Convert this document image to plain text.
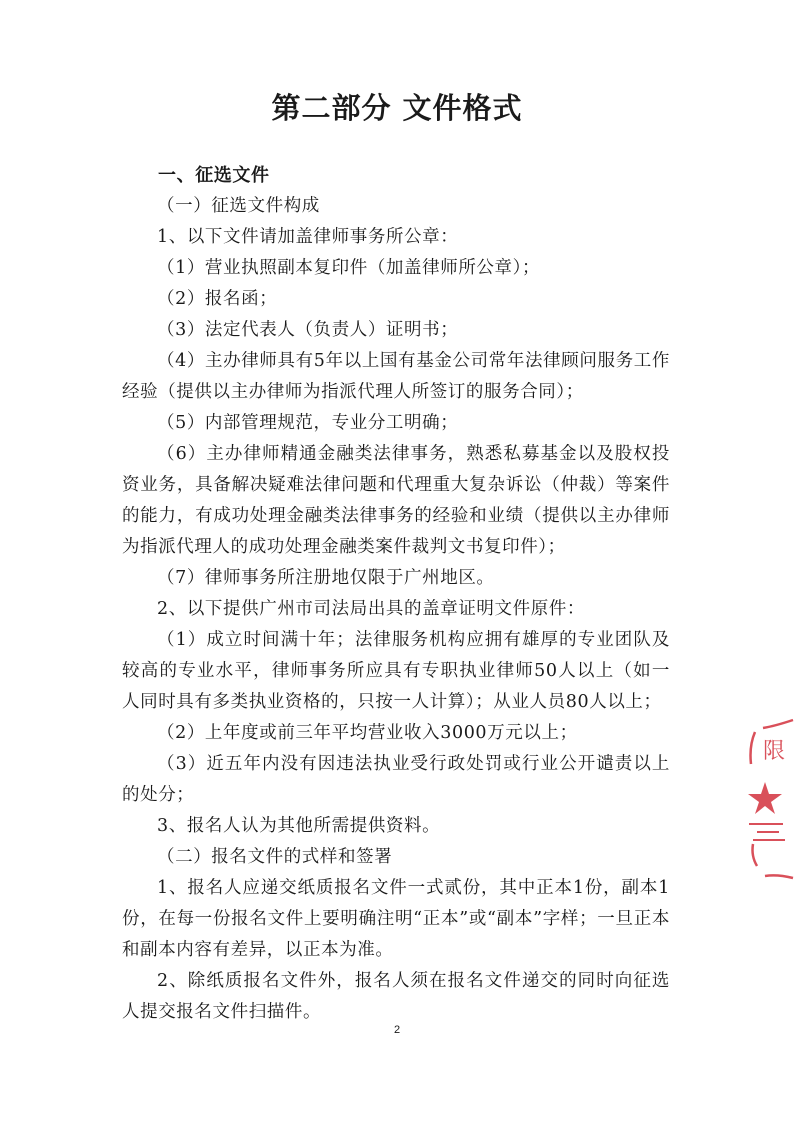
第二部分 文件格式

一、征选文件

（一）征选文件构成

1、以下文件请加盖律师事务所公章：

（1）营业执照副本复印件（加盖律师所公章）；

（2）报名函；

（3）法定代表人（负责人）证明书；

（4）主办律师具有5年以上国有基金公司常年法律顾问服务工作经验（提供以主办律师为指派代理人所签订的服务合同）；

（5）内部管理规范，专业分工明确；

（6）主办律师精通金融类法律事务，熟悉私募基金以及股权投资业务，具备解决疑难法律问题和代理重大复杂诉讼（仲裁）等案件的能力，有成功处理金融类法律事务的经验和业绩（提供以主办律师为指派代理人的成功处理金融类案件裁判文书复印件）；

（7）律师事务所注册地仅限于广州地区。

2、以下提供广州市司法局出具的盖章证明文件原件：

（1）成立时间满十年；法律服务机构应拥有雄厚的专业团队及较高的专业水平，律师事务所应具有专职执业律师50人以上（如一人同时具有多类执业资格的，只按一人计算）；从业人员80人以上；

（2）上年度或前三年平均营业收入3000万元以上；

（3）近五年内没有因违法执业受行政处罚或行业公开谴责以上的处分；

3、报名人认为其他所需提供资料。

（二）报名文件的式样和签署

1、报名人应递交纸质报名文件一式贰份，其中正本1份，副本1份，在每一份报名文件上要明确注明“正本”或“副本”字样；一旦正本和副本内容有差异，以正本为准。

2、除纸质报名文件外，报名人须在报名文件递交的同时向征选人提交报名文件扫描件。

2
限
